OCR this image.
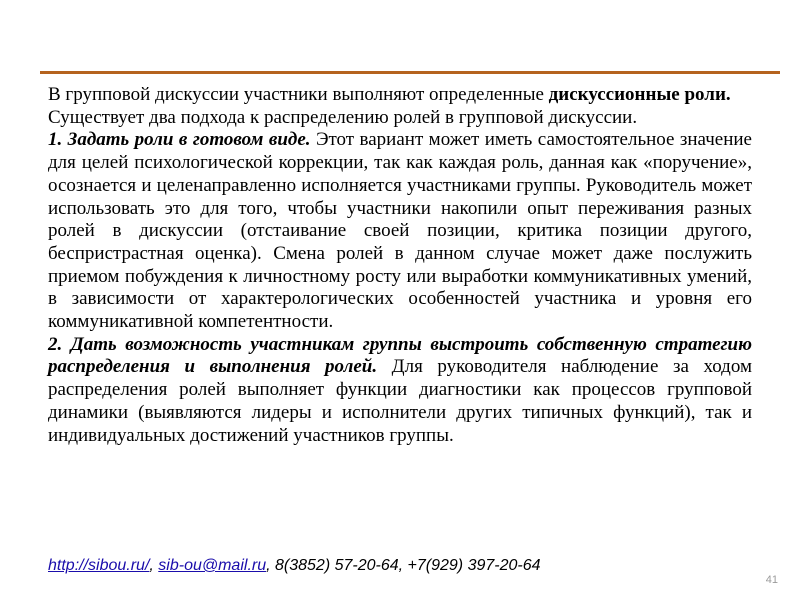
В групповой дискуссии участники выполняют определенные дискуссионные роли.

Существует два подхода к распределению ролей в групповой дискуссии.

1. Задать роли в готовом виде. Этот вариант может иметь самостоятельное значение для целей психологической коррекции, так как каждая роль, данная как «поручение», осознается и целенаправленно исполняется участниками группы. Руководитель может использовать это для того, чтобы участники накопили опыт переживания разных ролей в дискуссии (отстаивание своей позиции, критика позиции другого, беспристрастная оценка). Смена ролей в данном случае может даже послужить приемом побуждения к личностному росту или выработки коммуникативных умений, в зависимости от характерологических особенностей участника и уровня его коммуникативной компетентности.

2. Дать возможность участникам группы выстроить собственную стратегию распределения и выполнения ролей. Для руководителя наблюдение за ходом распределения ролей выполняет функции диагностики как процессов групповой динамики (выявляются лидеры и исполнители других типичных функций), так и индивидуальных достижений участников группы.

http://sibou.ru/, sib-ou@mail.ru, 8(3852) 57-20-64, +7(929) 397-20-64
41
